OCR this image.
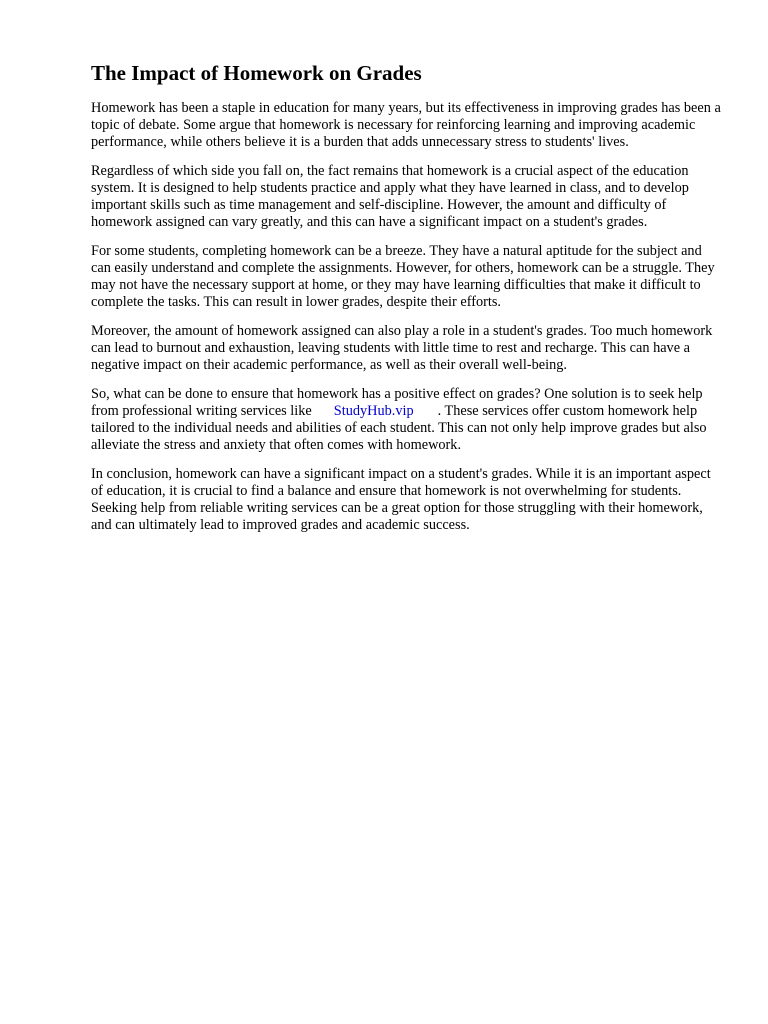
The Impact of Homework on Grades

Homework has been a staple in education for many years, but its effectiveness in improving grades has been a topic of debate. Some argue that homework is necessary for reinforcing learning and improving academic performance, while others believe it is a burden that adds unnecessary stress to students' lives.

Regardless of which side you fall on, the fact remains that homework is a crucial aspect of the education system. It is designed to help students practice and apply what they have learned in class, and to develop important skills such as time management and self-discipline. However, the amount and difficulty of homework assigned can vary greatly, and this can have a significant impact on a student's grades.

For some students, completing homework can be a breeze. They have a natural aptitude for the subject and can easily understand and complete the assignments. However, for others, homework can be a struggle. They may not have the necessary support at home, or they may have learning difficulties that make it difficult to complete the tasks. This can result in lower grades, despite their efforts.

Moreover, the amount of homework assigned can also play a role in a student's grades. Too much homework can lead to burnout and exhaustion, leaving students with little time to rest and recharge. This can have a negative impact on their academic performance, as well as their overall well-being.

So, what can be done to ensure that homework has a positive effect on grades? One solution is to seek help from professional writing services like StudyHub.vip . These services offer custom homework help tailored to the individual needs and abilities of each student. This can not only help improve grades but also alleviate the stress and anxiety that often comes with homework.

In conclusion, homework can have a significant impact on a student's grades. While it is an important aspect of education, it is crucial to find a balance and ensure that homework is not overwhelming for students. Seeking help from reliable writing services can be a great option for those struggling with their homework, and can ultimately lead to improved grades and academic success.
